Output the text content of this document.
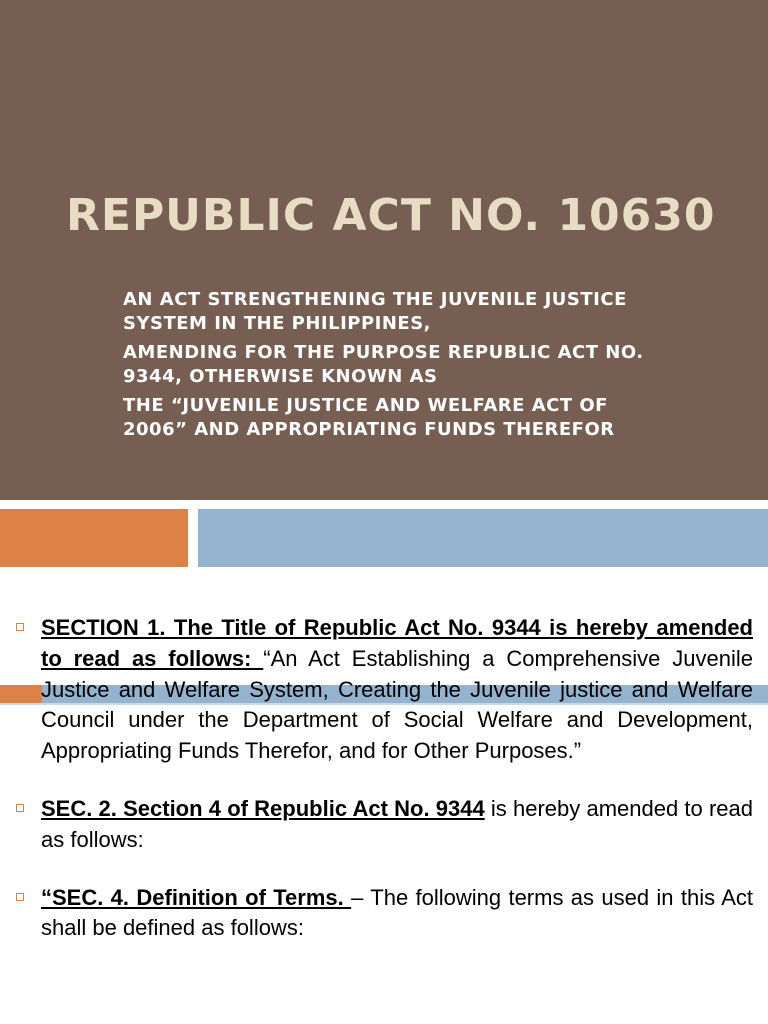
REPUBLIC ACT NO. 10630

AN ACT STRENGTHENING THE JUVENILE JUSTICE SYSTEM IN THE PHILIPPINES,

AMENDING FOR THE PURPOSE REPUBLIC ACT NO. 9344, OTHERWISE KNOWN AS

THE “JUVENILE JUSTICE AND WELFARE ACT OF 2006” AND APPROPRIATING FUNDS THEREFOR

SECTION 1. The Title of Republic Act No. 9344 is hereby amended to read as follows: “An Act Establishing a Comprehensive Juvenile Justice and Welfare System, Creating the Juvenile justice and Welfare Council under the Department of Social Welfare and Development, Appropriating Funds Therefor, and for Other Purposes.”
SEC. 2. Section 4 of Republic Act No. 9344 is hereby amended to read as follows:
“SEC. 4. Definition of Terms. – The following terms as used in this Act shall be defined as follows:
